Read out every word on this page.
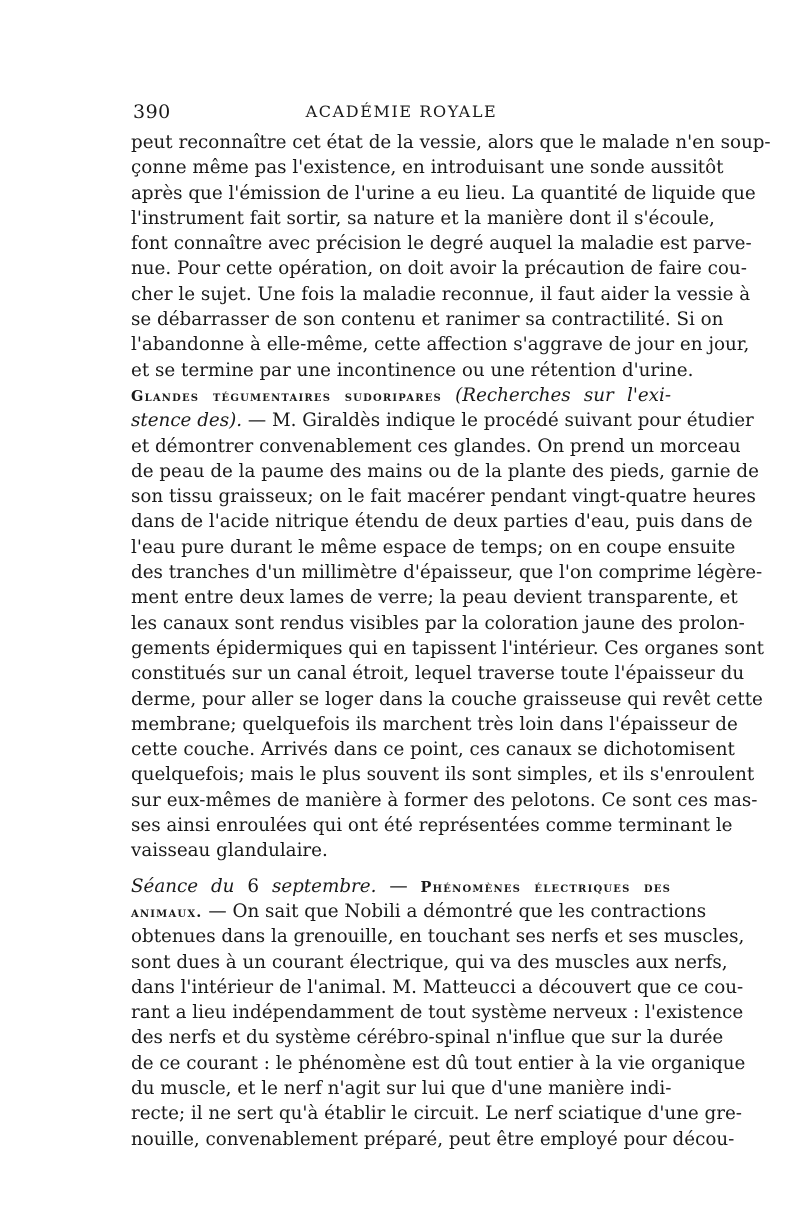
390	ACADÉMIE ROYALE
peut reconnaître cet état de la vessie, alors que le malade n'en soup-
çonne même pas l'existence, en introduisant une sonde aussitôt
après que l'émission de l'urine a eu lieu. La quantité de liquide que
l'instrument fait sortir, sa nature et la manière dont il s'écoule,
font connaître avec précision le degré auquel la maladie est parve-
nue. Pour cette opération, on doit avoir la précaution de faire cou-
cher le sujet. Une fois la maladie reconnue, il faut aider la vessie à
se débarrasser de son contenu et ranimer sa contractilité. Si on
l'abandonne à elle-même, cette affection s'aggrave de jour en jour,
et se termine par une incontinence ou une rétention d'urine.
Glandes tégumentaires sudoripares (Recherches sur l'exi-
stence des). — M. Giraldès indique le procédé suivant pour étudier
et démontrer convenablement ces glandes. On prend un morceau
de peau de la paume des mains ou de la plante des pieds, garnie de
son tissu graisseux; on le fait macérer pendant vingt-quatre heures
dans de l'acide nitrique étendu de deux parties d'eau, puis dans de
l'eau pure durant le même espace de temps; on en coupe ensuite
des tranches d'un millimètre d'épaisseur, que l'on comprime légère-
ment entre deux lames de verre; la peau devient transparente, et
les canaux sont rendus visibles par la coloration jaune des prolon-
gements épidermiques qui en tapissent l'intérieur. Ces organes sont
constitués sur un canal étroit, lequel traverse toute l'épaisseur du
derme, pour aller se loger dans la couche graisseuse qui revêt cette
membrane; quelquefois ils marchent très loin dans l'épaisseur de
cette couche. Arrivés dans ce point, ces canaux se dichotomisent
quelquefois; mais le plus souvent ils sont simples, et ils s'enroulent
sur eux-mêmes de manière à former des pelotons. Ce sont ces mas-
ses ainsi enroulées qui ont été représentées comme terminant le
vaisseau glandulaire.
Séance du 6 septembre. — Phénomènes électriques des
animaux. — On sait que Nobili a démontré que les contractions
obtenues dans la grenouille, en touchant ses nerfs et ses muscles,
sont dues à un courant électrique, qui va des muscles aux nerfs,
dans l'intérieur de l'animal. M. Matteucci a découvert que ce cou-
rant a lieu indépendamment de tout système nerveux : l'existence
des nerfs et du système cérébro-spinal n'influe que sur la durée
de ce courant : le phénomène est dû tout entier à la vie organique
du muscle, et le nerf n'agit sur lui que d'une manière indi-
recte; il ne sert qu'à établir le circuit. Le nerf sciatique d'une gre-
nouille, convenablement préparé, peut être employé pour décou-
